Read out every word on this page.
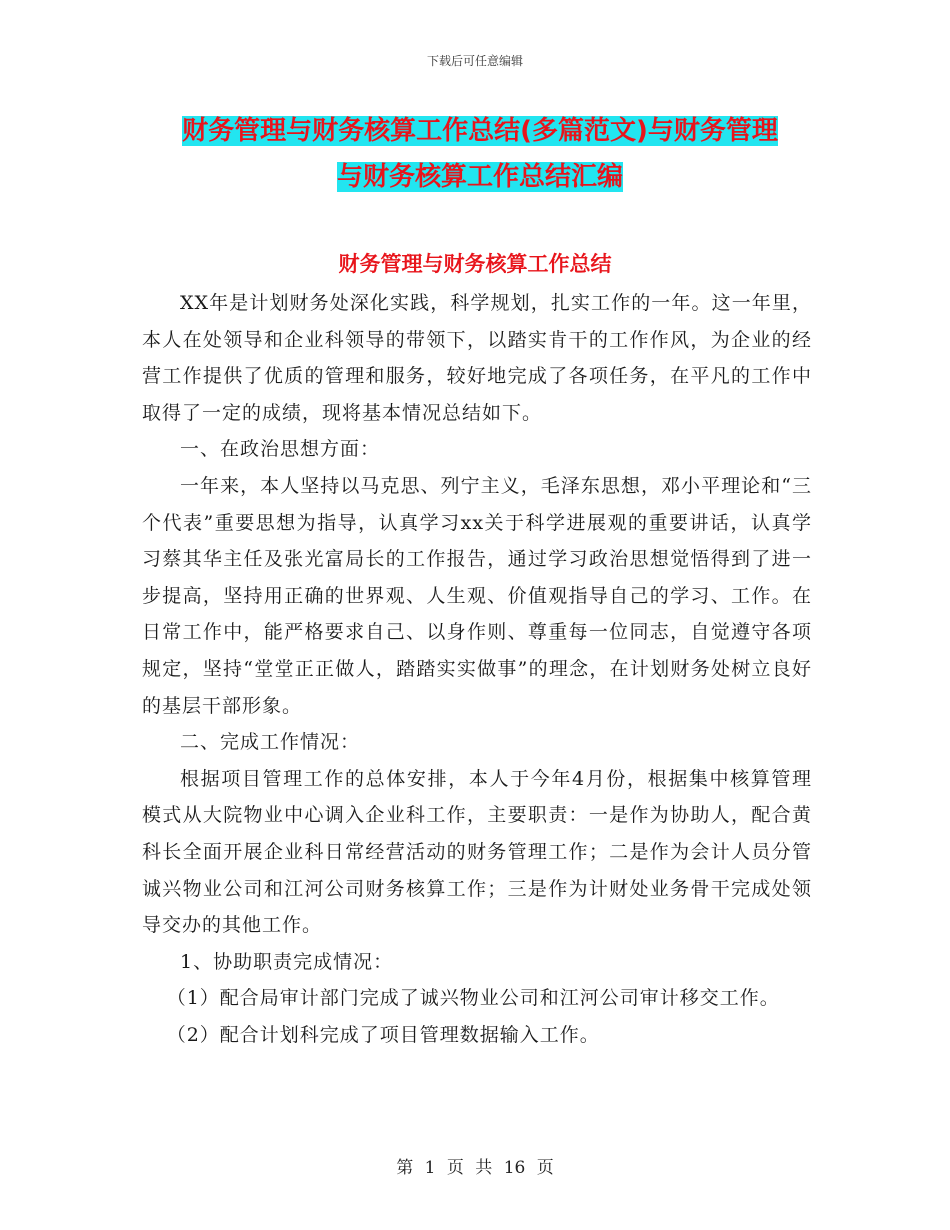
下载后可任意编辑
财务管理与财务核算工作总结(多篇范文)与财务管理
与财务核算工作总结汇编
财务管理与财务核算工作总结

XX年是计划财务处深化实践，科学规划，扎实工作的一年。这一年里，本人在处领导和企业科领导的带领下，以踏实肯干的工作作风，为企业的经营工作提供了优质的管理和服务，较好地完成了各项任务，在平凡的工作中取得了一定的成绩，现将基本情况总结如下。

一、在政治思想方面：

一年来，本人坚持以马克思、列宁主义，毛泽东思想，邓小平理论和“三个代表”重要思想为指导，认真学习xx关于科学进展观的重要讲话，认真学习蔡其华主任及张光富局长的工作报告，通过学习政治思想觉悟得到了进一步提高，坚持用正确的世界观、人生观、价值观指导自己的学习、工作。在日常工作中，能严格要求自己、以身作则、尊重每一位同志，自觉遵守各项规定，坚持“堂堂正正做人，踏踏实实做事”的理念，在计划财务处树立良好的基层干部形象。

二、完成工作情况：

根据项目管理工作的总体安排，本人于今年4月份，根据集中核算管理模式从大院物业中心调入企业科工作，主要职责：一是作为协助人，配合黄科长全面开展企业科日常经营活动的财务管理工作；二是作为会计人员分管诚兴物业公司和江河公司财务核算工作；三是作为计财处业务骨干完成处领导交办的其他工作。

1、协助职责完成情况：

（1）配合局审计部门完成了诚兴物业公司和江河公司审计移交工作。

（2）配合计划科完成了项目管理数据输入工作。

第 1 页 共 16 页
